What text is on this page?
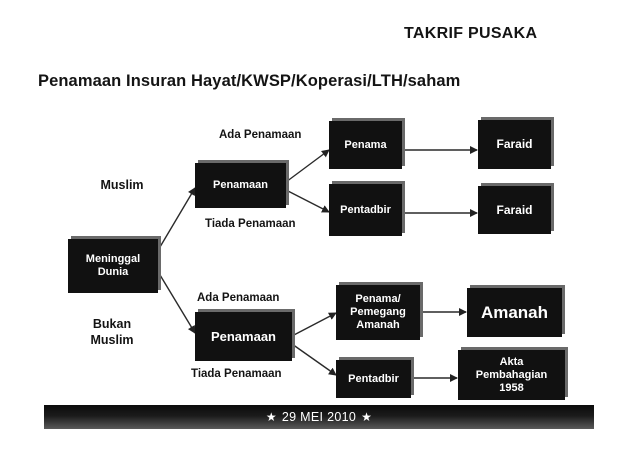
TAKRIF PUSAKA
Penamaan Insuran Hayat/KWSP/Koperasi/LTH/saham
Ada Penamaan
Muslim
Tiada Penamaan
Ada Penamaan
Bukan Muslim
Tiada Penamaan
Meninggal Dunia
Penamaan
Penama
Pentadbir
Faraid
Faraid
Penamaan
Penama/ Pemegang Amanah
Pentadbir
Amanah
Akta Pembahagian 1958
★ 29 MEI 2010 ★
